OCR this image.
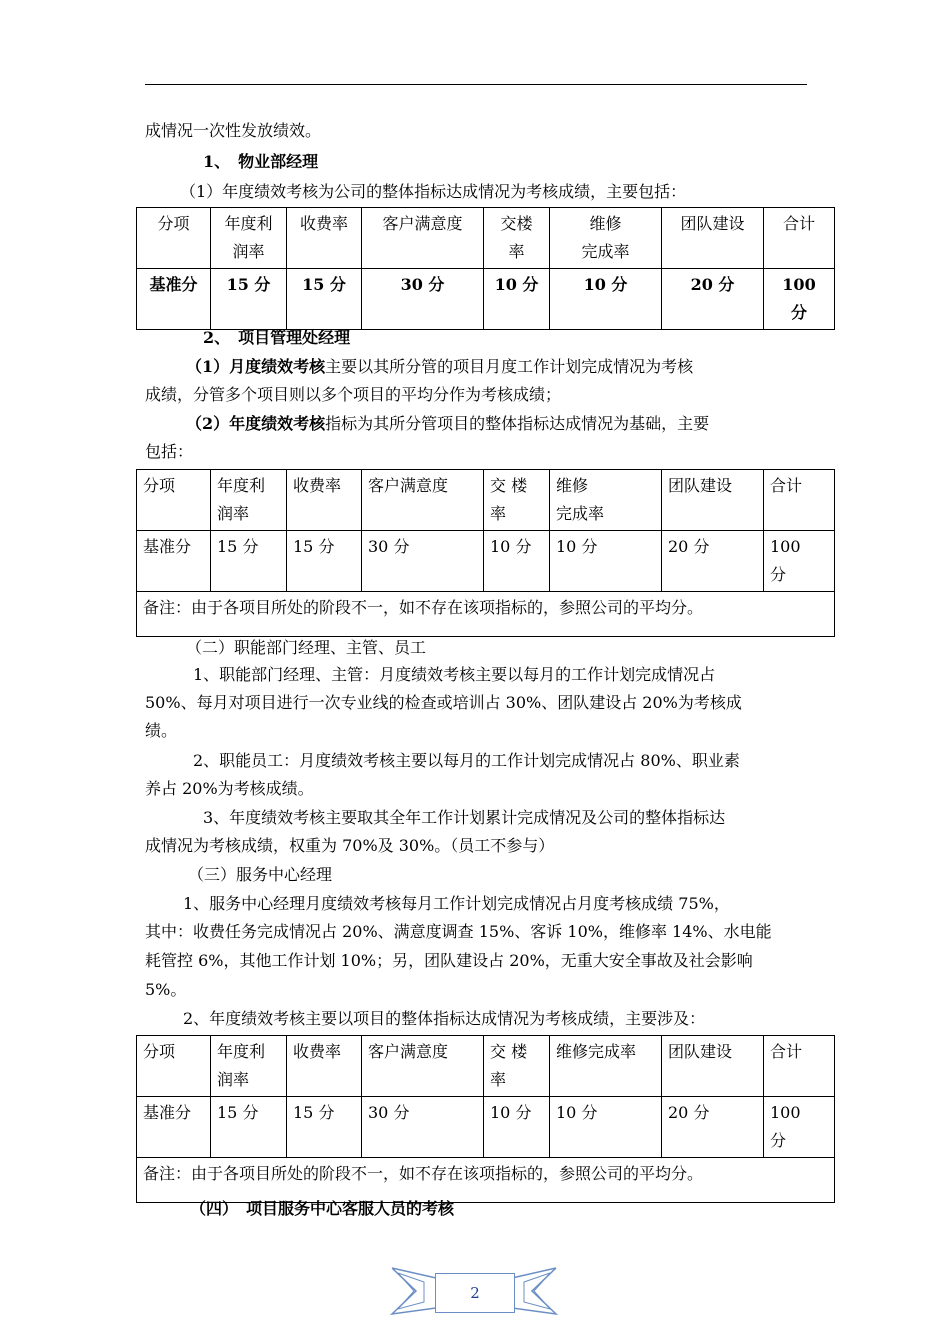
成情况一次性发放绩效。

1、　物业部经理

（1）年度绩效考核为公司的整体指标达成情况为考核成绩，主要包括：

分项	年度利
润率	收费率	客户满意度	交楼
率	维修
完成率	团队建设	合计
基准分	15 分	15 分	30 分	10 分	10 分	20 分	100
分

2、　项目管理处经理

（1）月度绩效考核主要以其所分管的项目月度工作计划完成情况为考核

成绩，分管多个项目则以多个项目的平均分作为考核成绩；

（2）年度绩效考核指标为其所分管项目的整体指标达成情况为基础，主要

包括：

分项	年度利
润率	收费率	客户满意度	交 楼
率	维修
完成率	团队建设	合计
基准分	15 分	15 分	30 分	10 分	10 分	20 分	100
分
备注：由于各项目所处的阶段不一，如不存在该项指标的，参照公司的平均分。							

（二）职能部门经理、主管、员工

1、职能部门经理、主管：月度绩效考核主要以每月的工作计划完成情况占

50%、每月对项目进行一次专业线的检查或培训占 30%、团队建设占 20%为考核成

绩。

2、职能员工：月度绩效考核主要以每月的工作计划完成情况占 80%、职业素

养占 20%为考核成绩。

3、年度绩效考核主要取其全年工作计划累计完成情况及公司的整体指标达

成情况为考核成绩，权重为 70%及 30%。（员工不参与）

（三）服务中心经理

1、服务中心经理月度绩效考核每月工作计划完成情况占月度考核成绩 75%，

其中：收费任务完成情况占 20%、满意度调查 15%、客诉 10%，维修率 14%、水电能

耗管控 6%，其他工作计划 10%；另，团队建设占 20%，无重大安全事故及社会影响

5%。

2、年度绩效考核主要以项目的整体指标达成情况为考核成绩，主要涉及：

分项	年度利
润率	收费率	客户满意度	交 楼
率	维修完成率	团队建设	合计
基准分	15 分	15 分	30 分	10 分	10 分	20 分	100
分
备注：由于各项目所处的阶段不一，如不存在该项指标的，参照公司的平均分。							

（四）　项目服务中心客服人员的考核

2
